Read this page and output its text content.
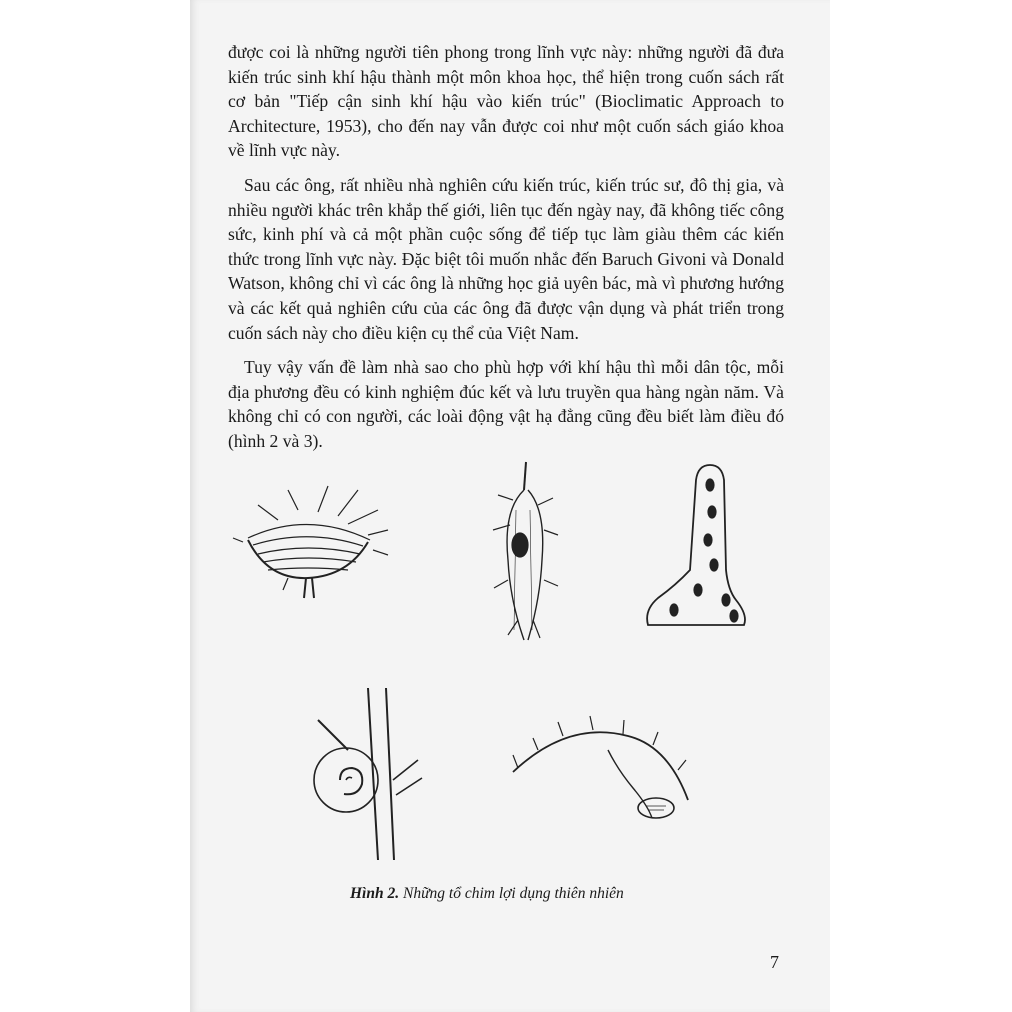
được coi là những người tiên phong trong lĩnh vực này: những người đã đưa kiến trúc sinh khí hậu thành một môn khoa học, thể hiện trong cuốn sách rất cơ bản "Tiếp cận sinh khí hậu vào kiến trúc" (Bioclimatic Approach to Architecture, 1953), cho đến nay vẫn được coi như một cuốn sách giáo khoa về lĩnh vực này.

Sau các ông, rất nhiều nhà nghiên cứu kiến trúc, kiến trúc sư, đô thị gia, và nhiều người khác trên khắp thế giới, liên tục đến ngày nay, đã không tiếc công sức, kinh phí và cả một phần cuộc sống để tiếp tục làm giàu thêm các kiến thức trong lĩnh vực này. Đặc biệt tôi muốn nhắc đến Baruch Givoni và Donald Watson, không chỉ vì các ông là những học giả uyên bác, mà vì phương hướng và các kết quả nghiên cứu của các ông đã được vận dụng và phát triển trong cuốn sách này cho điều kiện cụ thể của Việt Nam.

Tuy vậy vấn đề làm nhà sao cho phù hợp với khí hậu thì mỗi dân tộc, mỗi địa phương đều có kinh nghiệm đúc kết và lưu truyền qua hàng ngàn năm. Và không chỉ có con người, các loài động vật hạ đẳng cũng đều biết làm điều đó (hình 2 và 3).

Hình 2. Những tổ chim lợi dụng thiên nhiên
7
